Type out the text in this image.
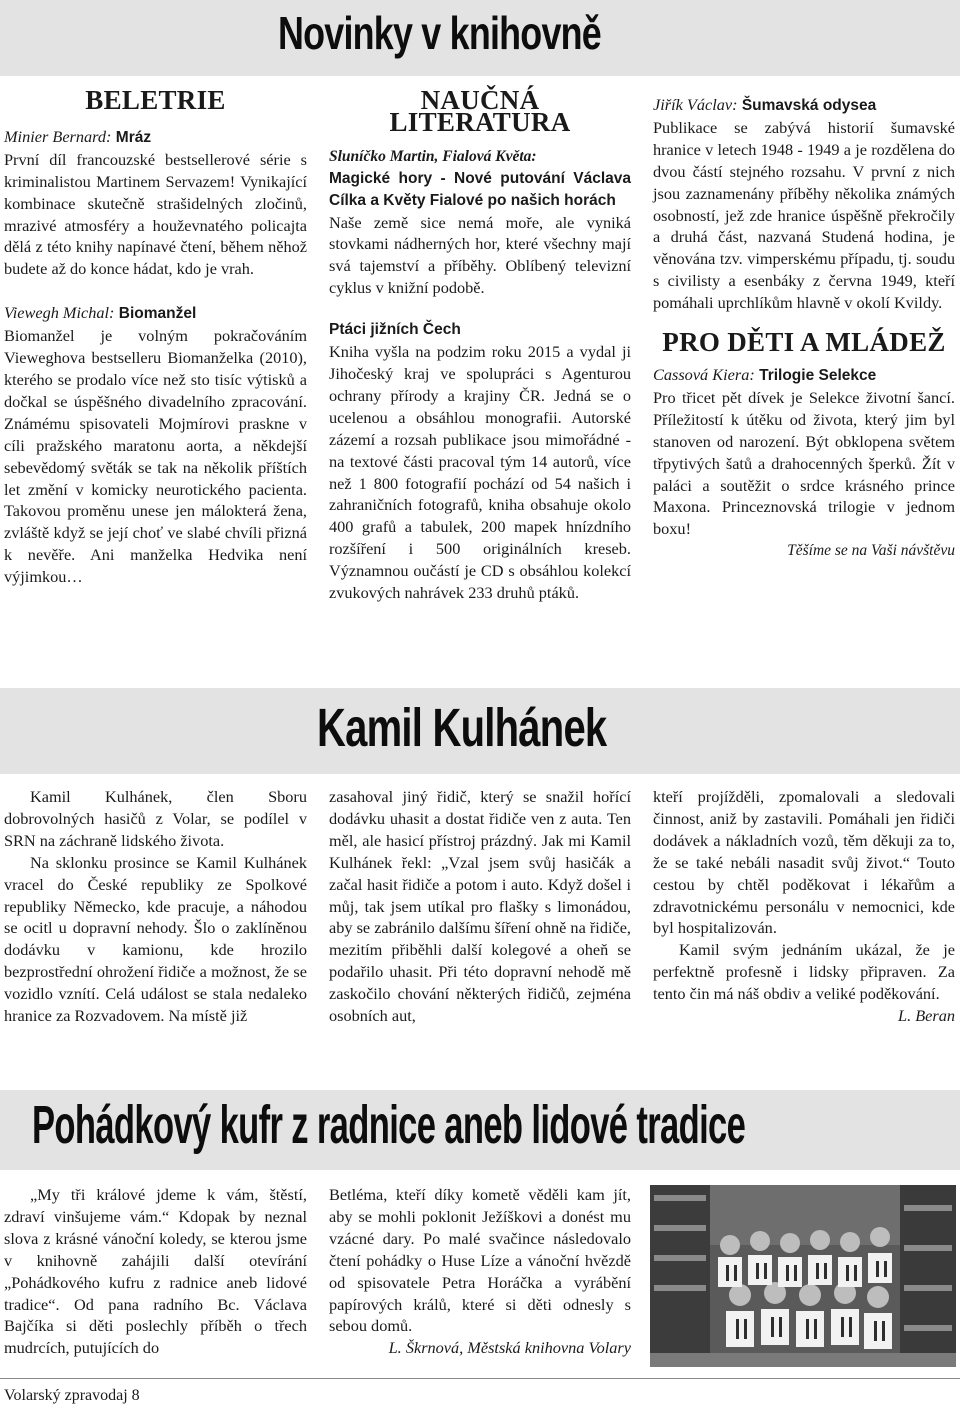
Novinky v knihovně
BELETRIE

Minier Bernard: Mráz

První díl francouzské bestsellerové série s kriminalistou Martinem Servazem! Vynikající kombinace skutečně strašidelných zločinů, mrazivé atmosféry a houževnatého policajta dělá z této knihy napínavé čtení, během něhož budete až do konce hádat, kdo je vrah.

Viewegh Michal: Biomanžel

Biomanžel je volným pokračováním Vieweghova bestselleru Biomanželka (2010), kterého se prodalo více než sto tisíc výtisků a dočkal se úspěšného divadelního zpracování. Známému spisovateli Mojmírovi praskne v cíli pražského maratonu aorta, a někdejší sebevědomý světák se tak na několik příštích let změní v komicky neurotického pacienta. Takovou proměnu unese jen málokterá žena, zvláště když se její choť ve slabé chvíli přizná k nevěře. Ani manželka Hedvika není výjimkou…

NAUČNÁ LITERATURA

Sluníčko Martin, Fialová Květa:
Magické hory - Nové putování Václava Cílka a Květy Fialové po našich horách

Naše země sice nemá moře, ale vyniká stovkami nádherných hor, které všechny mají svá tajemství a příběhy. Oblíbený televizní cyklus v knižní podobě.

Ptáci jižních Čech

Kniha vyšla na podzim roku 2015 a vydal ji Jihočeský kraj ve spolupráci s Agenturou ochrany přírody a krajiny ČR. Jedná se o ucelenou a obsáhlou monografii. Autorské zázemí a rozsah publikace jsou mimořádné - na textové části pracoval tým 14 autorů, více než 1 800 fotografií pochází od 54 našich i zahraničních fotografů, kniha obsahuje okolo 400 grafů a tabulek, 200 mapek hnízdního rozšíření i 500 originálních kreseb. Významnou oučástí je CD s obsáhlou kolekcí zvukových nahrávek 233 druhů ptáků.

Jiřík Václav: Šumavská odysea

Publikace se zabývá historií šumavské hranice v letech 1948 - 1949 a je rozdělena do dvou částí stejného rozsahu. V první z nich jsou zaznamenány příběhy několika známých osobností, jež zde hranice úspěšně překročily a druhá část, nazvaná Studená hodina, je věnována tzv. vimperskému případu, tj. soudu s civilisty a esenbáky z června 1949, kteří pomáhali uprchlíkům hlavně v okolí Kvildy.

PRO DĚTI A MLÁDEŽ

Cassová Kiera: Trilogie Selekce

Pro třicet pět dívek je Selekce životní šancí. Příležitostí k útěku od života, který jim byl stanoven od narození. Být obklopena světem třpytivých šatů a drahocenných šperků. Žít v paláci a soutěžit o srdce krásného prince Maxona. Princeznovská trilogie v jednom boxu!

Těšíme se na Vaši návštěvu

Kamil Kulhánek

Kamil Kulhánek, člen Sboru dobrovolných hasičů z Volar, se podílel v SRN na záchraně lidského života.

Na sklonku prosince se Kamil Kulhánek vracel do České republiky ze Spolkové republiky Německo, kde pracuje, a náhodou se ocitl u dopravní nehody. Šlo o zaklíněnou dodávku v kamionu, kde hrozilo bezprostřední ohrožení řidiče a možnost, že se vozidlo vznítí. Celá událost se stala nedaleko hranice za Rozvadovem. Na místě již

zasahoval jiný řidič, který se snažil hořící dodávku uhasit a dostat řidiče ven z auta. Ten měl, ale hasicí přístroj prázdný. Jak mi Kamil Kulhánek řekl: „Vzal jsem svůj hasičák a začal hasit řidiče a potom i auto. Když došel i můj, tak jsem utíkal pro flašky s limonádou, aby se zabránilo dalšímu šíření ohně na řidiče, mezitím přiběhli další kolegové a oheň se podařilo uhasit. Při této dopravní nehodě mě zaskočilo chování některých řidičů, zejména osobních aut,

kteří projížděli, zpomalovali a sledovali činnost, aniž by zastavili. Pomáhali jen řidiči dodávek a nákladních vozů, těm děkuji za to, že se také nebáli nasadit svůj život.“ Touto cestou by chtěl poděkovat i lékařům a zdravotnickému personálu v nemocnici, kde byl hospitalizován.

Kamil svým jednáním ukázal, že je perfektně profesně i lidsky připraven. Za tento čin má náš obdiv a veliké poděkování.

L. Beran

Pohádkový kufr z radnice aneb lidové tradice

„My tři králové jdeme k vám, štěstí, zdraví vinšujeme vám.“ Kdopak by neznal slova z krásné vánoční koledy, se kterou jsme v knihovně zahájili další otevírání „Pohádkového kufru z radnice aneb lidové tradice“. Od pana radního Bc. Václava Bajčíka si děti poslechly příběh o třech mudrcích, putujících do

Betléma, kteří díky kometě věděli kam jít, aby se mohli poklonit Ježíškovi a donést mu vzácné dary. Po malé svačince následovalo čtení pohádky o Huse Líze a vánoční hvězdě od spisovatele Petra Horáčka a vyrábění papírových králů, které si děti odnesly s sebou domů.

L. Škrnová, Městská knihovna Volary

Volarský zpravodaj 8
